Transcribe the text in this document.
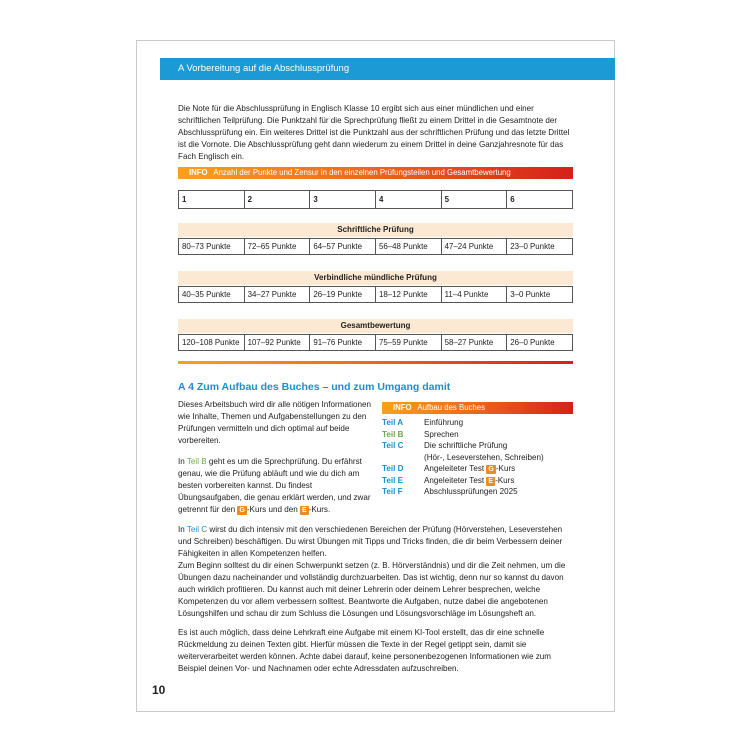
A Vorbereitung auf die Abschlussprüfung

Die Note für die Abschlussprüfung in Englisch Klasse 10 ergibt sich aus einer mündlichen und einer schriftlichen Teilprüfung. Die Punktzahl für die Sprechprüfung fließt zu einem Drittel in die Gesamtnote der Abschlussprüfung ein. Ein weiteres Drittel ist die Punktzahl aus der schriftlichen Prüfung und das letzte Drittel ist die Vornote. Die Abschlussprüfung geht dann wiederum zu einem Drittel in deine Ganzjahresnote für das Fach Englisch ein.

INFO Anzahl der Punkte und Zensur in den einzelnen Prüfungsteilen und Gesamtbewertung
1	2	3	4	5	6
Schriftliche Prüfung
80–73 Punkte	72–65 Punkte	64–57 Punkte	56–48 Punkte	47–24 Punkte	23–0 Punkte
Verbindliche mündliche Prüfung
40–35 Punkte	34–27 Punkte	26–19 Punkte	18–12 Punkte	11–4 Punkte	3–0 Punkte
Gesamtbewertung
120–108 Punkte	107–92 Punkte	91–76 Punkte	75–59 Punkte	58–27 Punkte	26–0 Punkte
A 4 Zum Aufbau des Buches – und zum Umgang damit

Dieses Arbeitsbuch wird dir alle nötigen Informationen wie Inhalte, Themen und Aufgabenstellungen zu den Prüfungen vermitteln und dich optimal auf beide vorbereiten.

In Teil B geht es um die Sprechprüfung. Du erfährst genau, wie die Prüfung abläuft und wie du dich am besten vorbereiten kannst. Du findest Übungsaufgaben, die genau erklärt werden, und zwar getrennt für den G -Kurs und den E -Kurs.

INFO Aufbau des Buches
Teil A	Einführung
Teil B	Sprechen
Teil C	Die schriftliche Prüfung
(Hör-, Leseverstehen, Schreiben)
Teil D	Angeleiteter Test G -Kurs
Teil E	Angeleiteter Test E -Kurs
Teil F	Abschlussprüfungen 2025

In Teil C wirst du dich intensiv mit den verschiedenen Bereichen der Prüfung (Hörverstehen, Leseverstehen und Schreiben) beschäftigen. Du wirst Übungen mit Tipps und Tricks finden, die dir beim Verbessern deiner Fähigkeiten in allen Kompetenzen helfen.

Zum Beginn solltest du dir einen Schwerpunkt setzen (z. B. Hörverständnis) und dir die Zeit nehmen, um die Übungen dazu nacheinander und vollständig durchzuarbeiten. Das ist wichtig, denn nur so kannst du davon auch wirklich profitieren. Du kannst auch mit deiner Lehrerin oder deinem Lehrer besprechen, welche Kompetenzen du vor allem verbessern solltest. Beantworte die Aufgaben, nutze dabei die angebotenen Lösungshilfen und schau dir zum Schluss die Lösungen und Lösungsvorschläge im Lösungsheft an.

Es ist auch möglich, dass deine Lehrkraft eine Aufgabe mit einem KI-Tool erstellt, das dir eine schnelle Rückmeldung zu deinen Texten gibt. Hierfür müssen die Texte in der Regel getippt sein, damit sie weiterverarbeitet werden können. Achte dabei darauf, keine personenbezogenen Informationen wie zum Beispiel deinen Vor- und Nachnamen oder echte Adressdaten aufzuschreiben.

10
